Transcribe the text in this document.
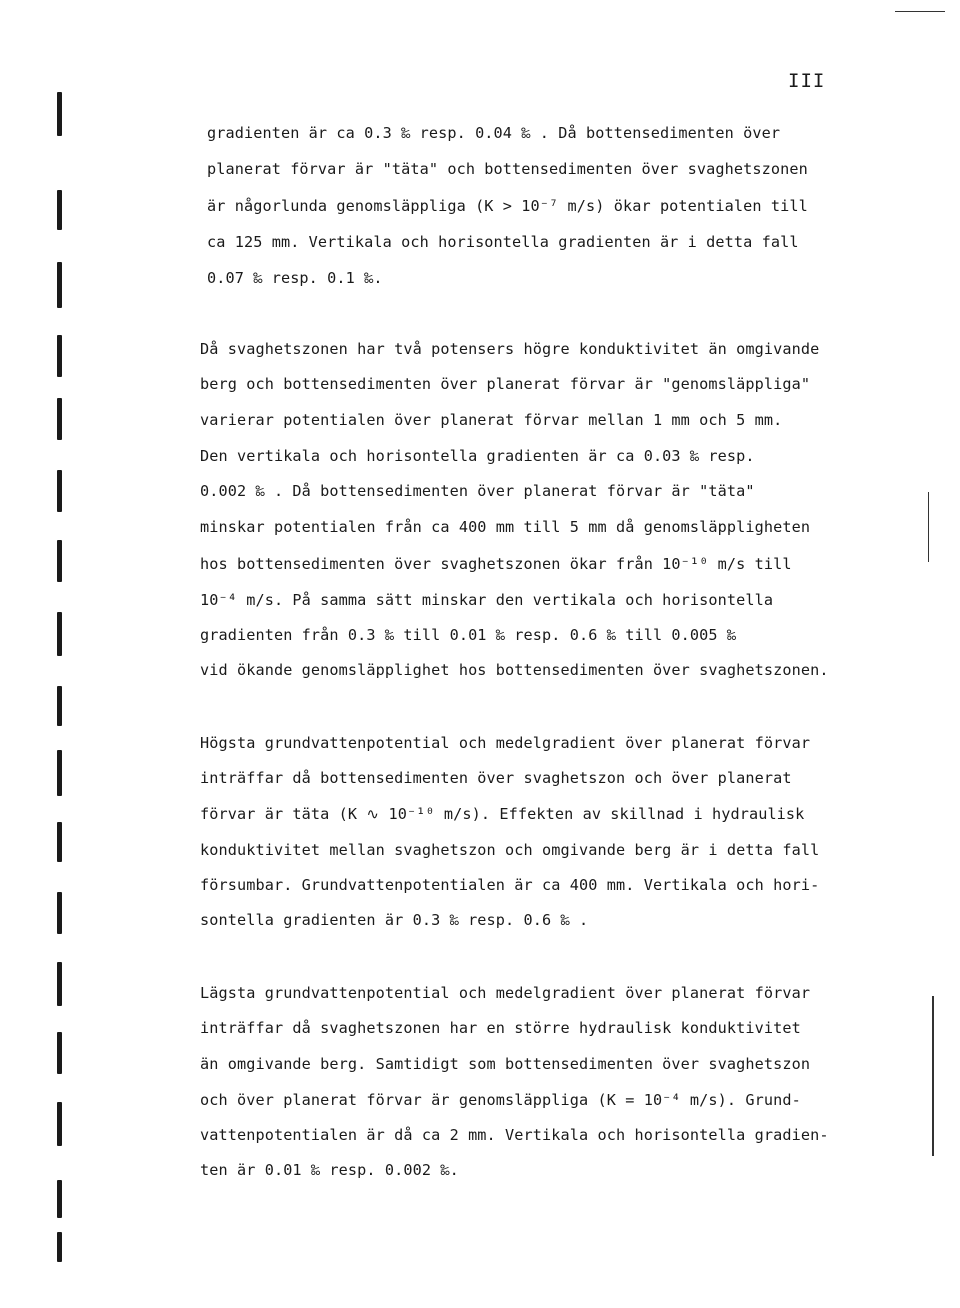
III
gradienten är ca 0.3 ‰ resp. 0.04 ‰ . Då bottensedimenten över
planerat förvar är "täta" och bottensedimenten över svaghetszonen
är någorlunda genomsläppliga (K > 10⁻⁷ m/s) ökar potentialen till
ca 125 mm. Vertikala och horisontella gradienten är i detta fall
0.07 ‰ resp. 0.1 ‰.
Då svaghetszonen har två potensers högre konduktivitet än omgivande
berg och bottensedimenten över planerat förvar är "genomsläppliga"
varierar potentialen över planerat förvar mellan 1 mm och 5 mm.
Den vertikala och horisontella gradienten är ca 0.03 ‰ resp.
0.002 ‰ . Då bottensedimenten över planerat förvar är "täta"
minskar potentialen från ca 400 mm till 5 mm då genomsläppligheten
hos bottensedimenten över svaghetszonen ökar från 10⁻¹⁰ m/s till
10⁻⁴ m/s. På samma sätt minskar den vertikala och horisontella
gradienten från 0.3 ‰ till 0.01 ‰ resp. 0.6 ‰ till 0.005 ‰
vid ökande genomsläpplighet hos bottensedimenten över svaghetszonen.
Högsta grundvattenpotential och medelgradient över planerat förvar
inträffar då bottensedimenten över svaghetszon och över planerat
förvar är täta (K ∿ 10⁻¹⁰ m/s). Effekten av skillnad i hydraulisk
konduktivitet mellan svaghetszon och omgivande berg är i detta fall
försumbar. Grundvattenpotentialen är ca 400 mm. Vertikala och hori-
sontella gradienten är 0.3 ‰ resp. 0.6 ‰ .
Lägsta grundvattenpotential och medelgradient över planerat förvar
inträffar då svaghetszonen har en större hydraulisk konduktivitet
än omgivande berg. Samtidigt som bottensedimenten över svaghetszon
och över planerat förvar är genomsläppliga (K = 10⁻⁴ m/s). Grund-
vattenpotentialen är då ca 2 mm. Vertikala och horisontella gradien-
ten är 0.01 ‰ resp. 0.002 ‰.
